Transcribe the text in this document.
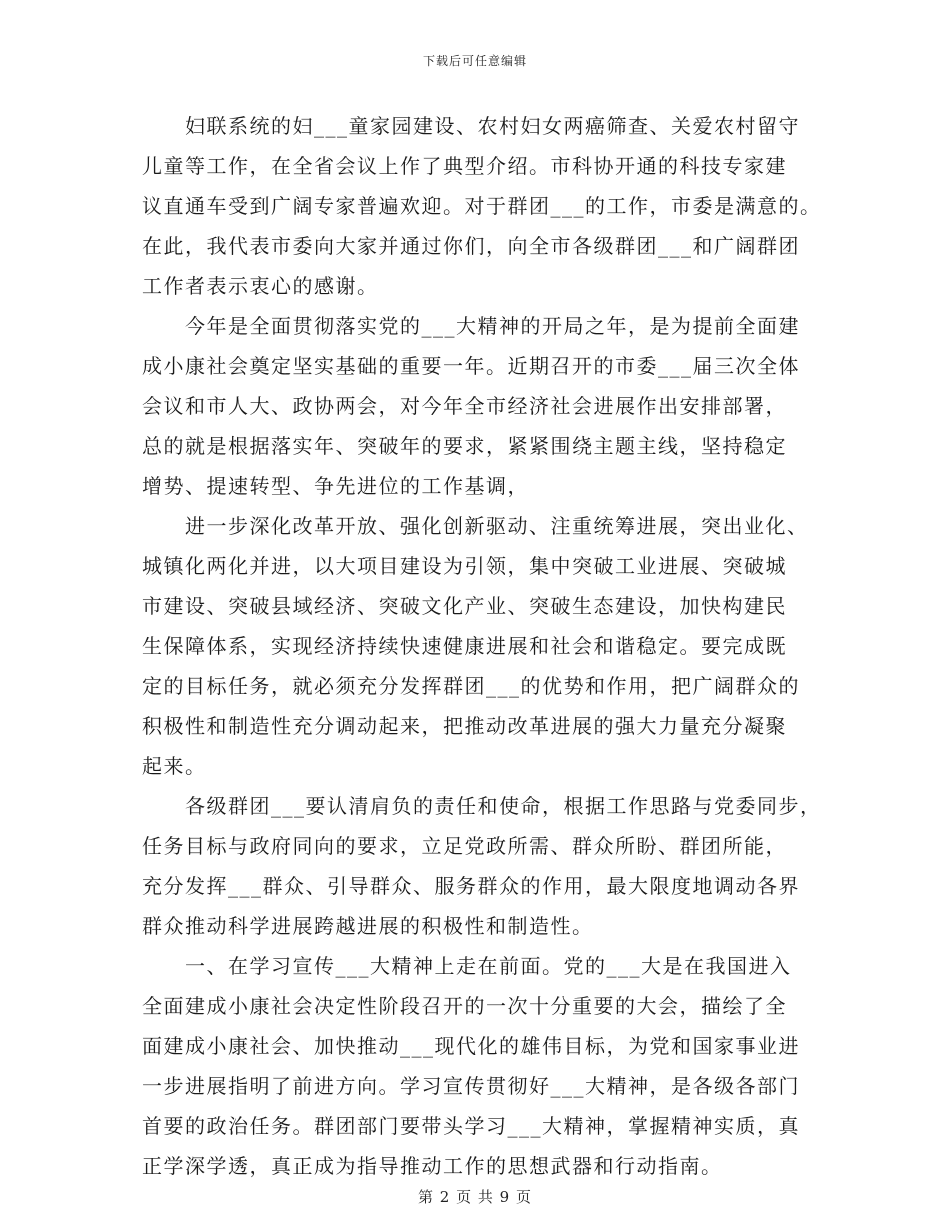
下载后可任意编辑
　　妇联系统的妇___童家园建设、农村妇女两癌筛查、关爱农村留守
儿童等工作，在全省会议上作了典型介绍。市科协开通的科技专家建
议直通车受到广阔专家普遍欢迎。对于群团___的工作，市委是满意的。
在此，我代表市委向大家并通过你们，向全市各级群团___和广阔群团
工作者表示衷心的感谢。
　　今年是全面贯彻落实党的___大精神的开局之年，是为提前全面建
成小康社会奠定坚实基础的重要一年。近期召开的市委___届三次全体
会议和市人大、政协两会，对今年全市经济社会进展作出安排部署，
总的就是根据落实年、突破年的要求，紧紧围绕主题主线，坚持稳定
增势、提速转型、争先进位的工作基调，
　　进一步深化改革开放、强化创新驱动、注重统筹进展，突出业化、
城镇化两化并进，以大项目建设为引领，集中突破工业进展、突破城
市建设、突破县域经济、突破文化产业、突破生态建设，加快构建民
生保障体系，实现经济持续快速健康进展和社会和谐稳定。要完成既
定的目标任务，就必须充分发挥群团___的优势和作用，把广阔群众的
积极性和制造性充分调动起来，把推动改革进展的强大力量充分凝聚
起来。
　　各级群团___要认清肩负的责任和使命，根据工作思路与党委同步，
任务目标与政府同向的要求，立足党政所需、群众所盼、群团所能，
充分发挥___群众、引导群众、服务群众的作用，最大限度地调动各界
群众推动科学进展跨越进展的积极性和制造性。
　　一、在学习宣传___大精神上走在前面。党的___大是在我国进入
全面建成小康社会决定性阶段召开的一次十分重要的大会，描绘了全
面建成小康社会、加快推动___现代化的雄伟目标，为党和国家事业进
一步进展指明了前进方向。学习宣传贯彻好___大精神，是各级各部门
首要的政治任务。群团部门要带头学习___大精神，掌握精神实质，真
正学深学透，真正成为指导推动工作的思想武器和行动指南。
第 2 页 共 9 页
